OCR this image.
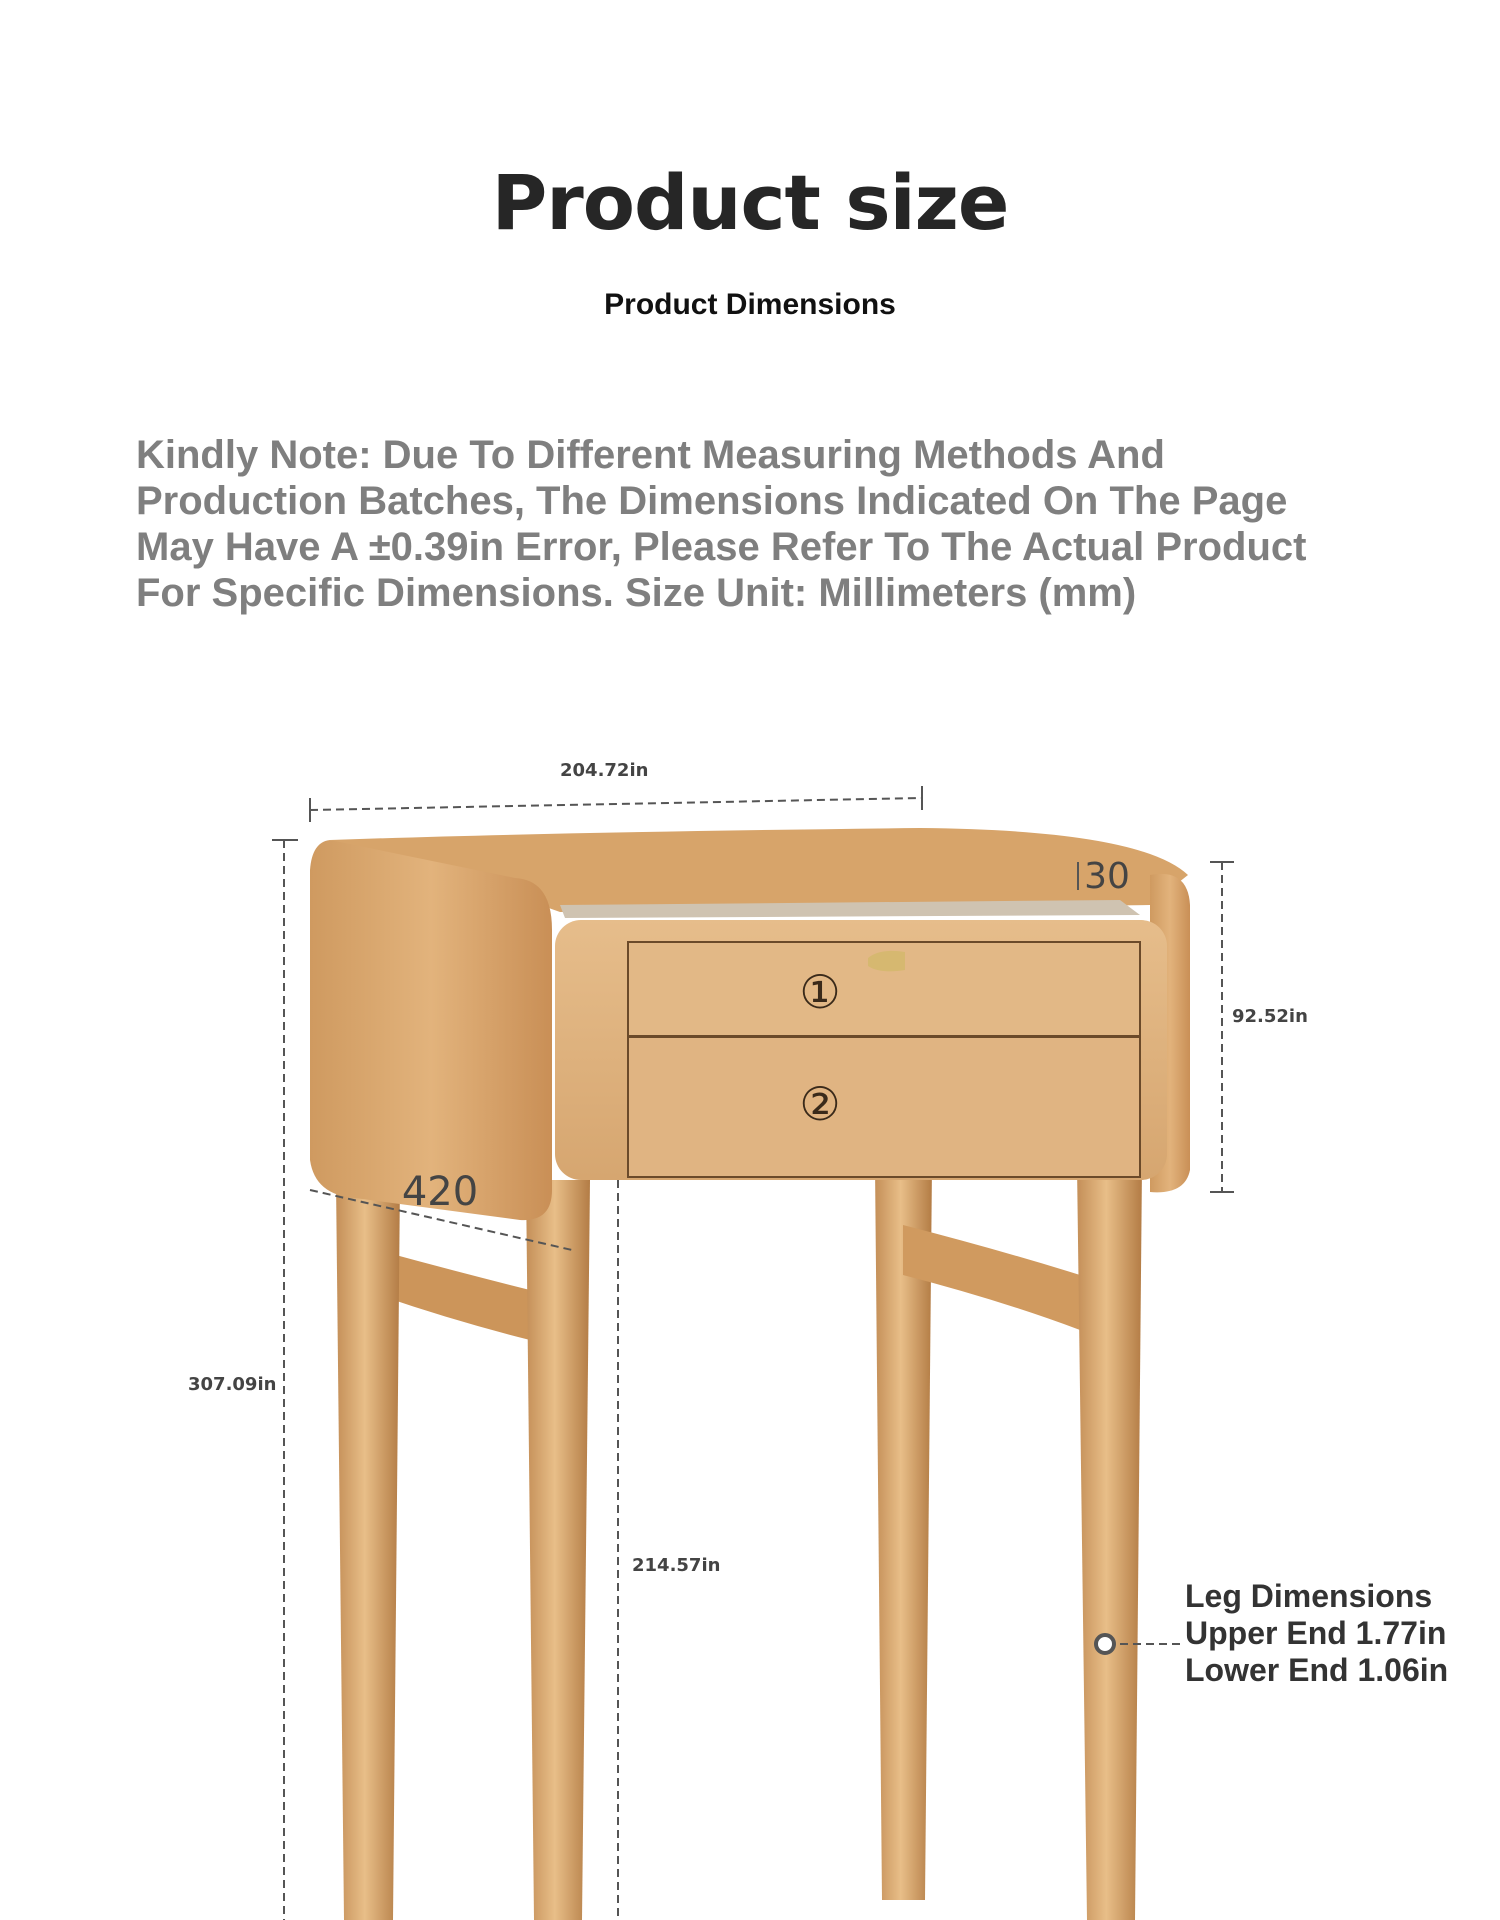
Product size
Product Dimensions

Kindly Note: Due To Different Measuring Methods And Production Batches, The Dimensions Indicated On The Page May Have A ±0.39in Error, Please Refer To The Actual Product For Specific Dimensions. Size Unit: Millimeters (mm)

①
②
420
30
204.72in
307.09in
92.52in
214.57in
Leg Dimensions
Upper End 1.77in
Lower End 1.06in
